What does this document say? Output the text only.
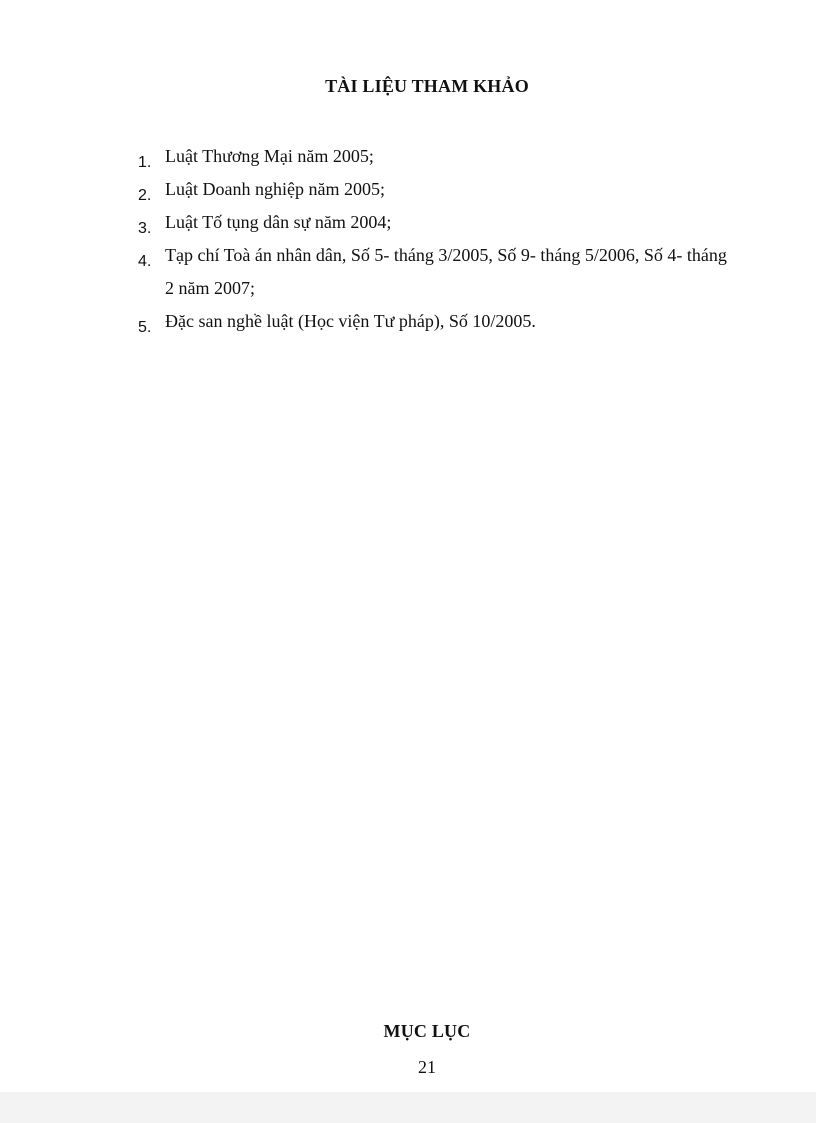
TÀI LIỆU THAM KHẢO
1. Luật Thương Mại năm 2005;
2. Luật Doanh nghiệp năm 2005;
3. Luật Tố tụng dân sự năm 2004;
4. Tạp chí Toà án nhân dân, Số 5- tháng 3/2005, Số 9- tháng 5/2006, Số 4- tháng 2 năm 2007;
5. Đặc san nghề luật (Học viện Tư pháp), Số 10/2005.
MỤC LỤC
21
